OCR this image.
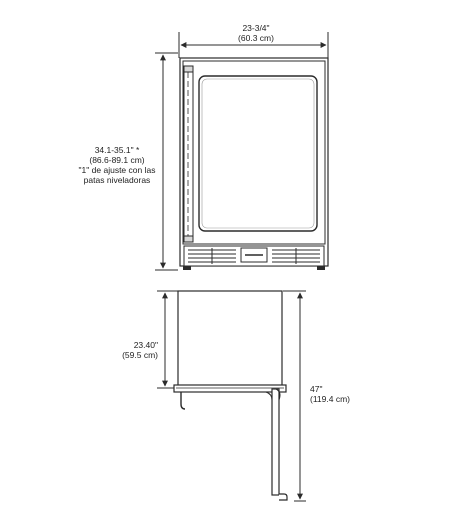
23-3/4"
(60.3 cm)
34.1-35.1" *
(86.6-89.1 cm)
"1" de ajuste con las
patas niveladoras
23.40"
(59.5 cm)
47"
(119.4 cm)
